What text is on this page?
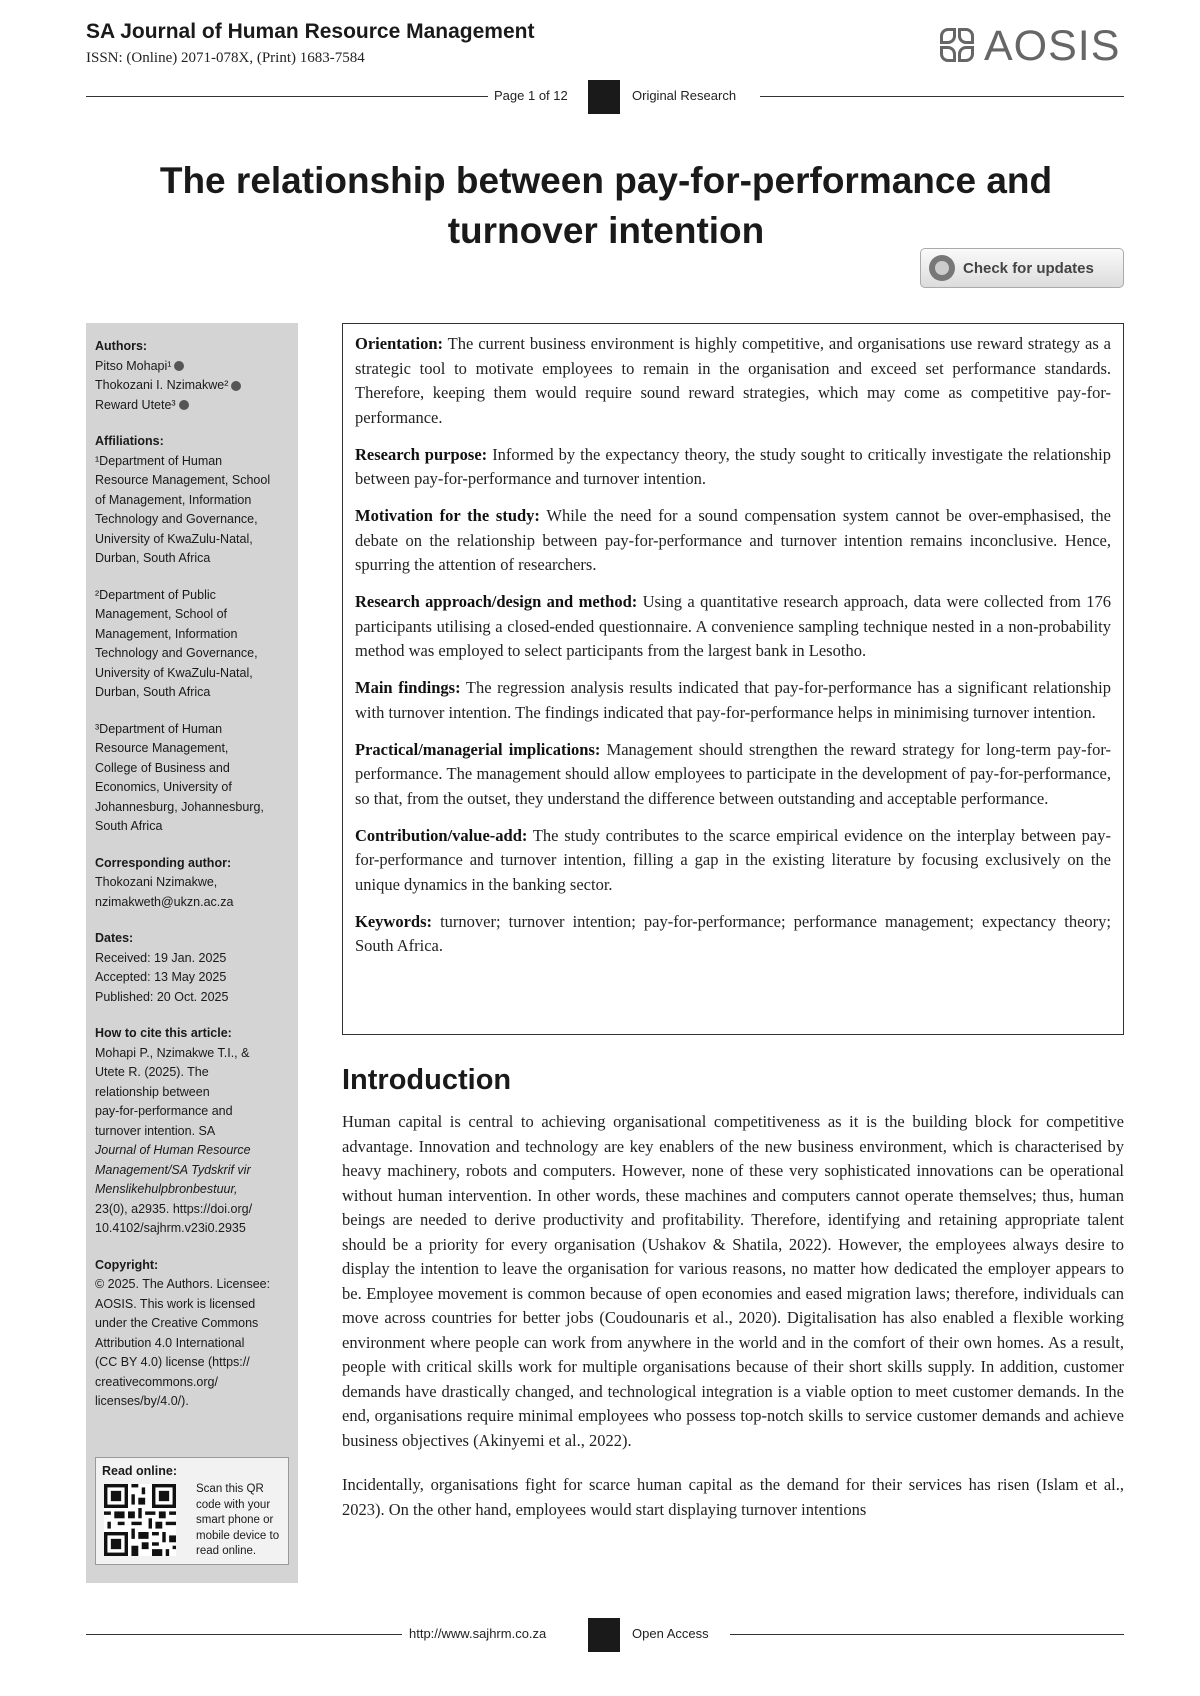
SA Journal of Human Resource Management
ISSN: (Online) 2071-078X, (Print) 1683-7584	AOSIS
Page 1 of 12	Original Research
The relationship between pay-for-performance and turnover intention
Check for updates
Authors:
Pitso Mohapi¹
Thokozani I. Nzimakwe²
Reward Utete³
Affiliations:
¹Department of Human
Resource Management, School
of Management, Information
Technology and Governance,
University of KwaZulu-Natal,
Durban, South Africa
²Department of Public
Management, School of
Management, Information
Technology and Governance,
University of KwaZulu-Natal,
Durban, South Africa
³Department of Human
Resource Management,
College of Business and
Economics, University of
Johannesburg, Johannesburg,
South Africa
Corresponding author:
Thokozani Nzimakwe,
nzimakweth@ukzn.ac.za
Dates:
Received: 19 Jan. 2025
Accepted: 13 May 2025
Published: 20 Oct. 2025
How to cite this article:
Mohapi P., Nzimakwe T.I., &
Utete R. (2025). The
relationship between
pay-for-performance and
turnover intention. SA
Journal of Human Resource
Management/SA Tydskrif vir
Menslikehulpbronbestuur,
23(0), a2935. https://doi.org/
10.4102/sajhrm.v23i0.2935
Copyright:
© 2025. The Authors. Licensee:
AOSIS. This work is licensed
under the Creative Commons
Attribution 4.0 International
(CC BY 4.0) license (https://
creativecommons.org/
licenses/by/4.0/).
Read online:
Scan this QR code with your smart phone or mobile device to read online.

Orientation: The current business environment is highly competitive, and organisations use reward strategy as a strategic tool to motivate employees to remain in the organisation and exceed set performance standards. Therefore, keeping them would require sound reward strategies, which may come as competitive pay-for-performance.

Research purpose: Informed by the expectancy theory, the study sought to critically investigate the relationship between pay-for-performance and turnover intention.

Motivation for the study: While the need for a sound compensation system cannot be over-emphasised, the debate on the relationship between pay-for-performance and turnover intention remains inconclusive. Hence, spurring the attention of researchers.

Research approach/design and method: Using a quantitative research approach, data were collected from 176 participants utilising a closed-ended questionnaire. A convenience sampling technique nested in a non-probability method was employed to select participants from the largest bank in Lesotho.

Main findings: The regression analysis results indicated that pay-for-performance has a significant relationship with turnover intention. The findings indicated that pay-for-performance helps in minimising turnover intention.

Practical/managerial implications: Management should strengthen the reward strategy for long-term pay-for-performance. The management should allow employees to participate in the development of pay-for-performance, so that, from the outset, they understand the difference between outstanding and acceptable performance.

Contribution/value-add: The study contributes to the scarce empirical evidence on the interplay between pay-for-performance and turnover intention, filling a gap in the existing literature by focusing exclusively on the unique dynamics in the banking sector.

Keywords: turnover; turnover intention; pay-for-performance; performance management; expectancy theory; South Africa.

Introduction

Human capital is central to achieving organisational competitiveness as it is the building block for competitive advantage. Innovation and technology are key enablers of the new business environment, which is characterised by heavy machinery, robots and computers. However, none of these very sophisticated innovations can be operational without human intervention. In other words, these machines and computers cannot operate themselves; thus, human beings are needed to derive productivity and profitability. Therefore, identifying and retaining appropriate talent should be a priority for every organisation (Ushakov & Shatila, 2022). However, the employees always desire to display the intention to leave the organisation for various reasons, no matter how dedicated the employer appears to be. Employee movement is common because of open economies and eased migration laws; therefore, individuals can move across countries for better jobs (Coudounaris et al., 2020). Digitalisation has also enabled a flexible working environment where people can work from anywhere in the world and in the comfort of their own homes. As a result, people with critical skills work for multiple organisations because of their short skills supply. In addition, customer demands have drastically changed, and technological integration is a viable option to meet customer demands. In the end, organisations require minimal employees who possess top-notch skills to service customer demands and achieve business objectives (Akinyemi et al., 2022).

Incidentally, organisations fight for scarce human capital as the demand for their services has risen (Islam et al., 2023). On the other hand, employees would start displaying turnover intentions

http://www.sajhrm.co.za	Open Access
